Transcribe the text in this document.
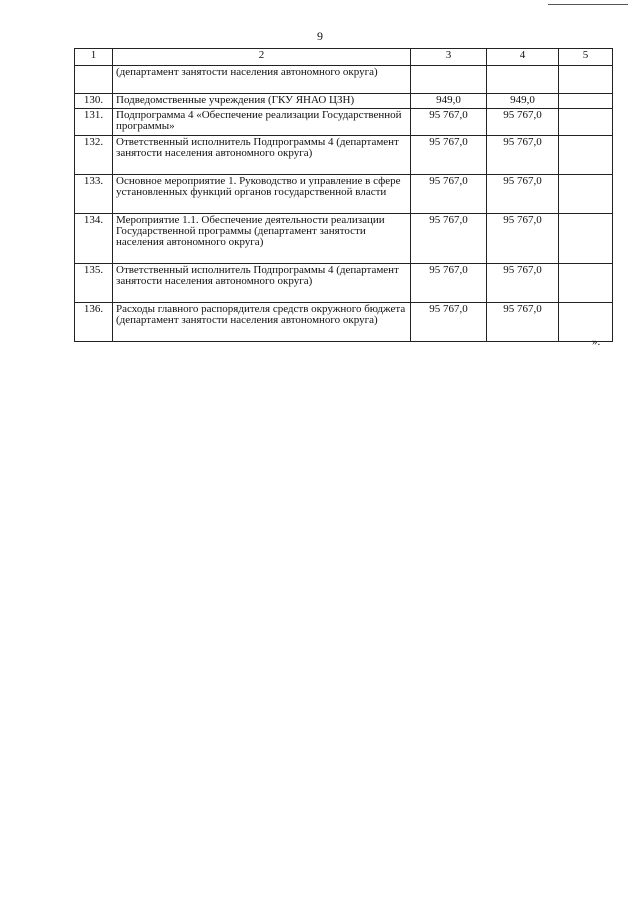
9
1	2	3	4	5
	(департамент занятости населения автономного округа)			
130.	Подведомственные учреждения (ГКУ ЯНАО ЦЗН)	949,0	949,0	
131.	Подпрограмма 4 «Обеспечение реализации Государственной программы»	95 767,0	95 767,0	
132.	Ответственный исполнитель Подпрограммы 4 (департамент занятости населения автономного округа)	95 767,0	95 767,0	
133.	Основное мероприятие 1. Руководство и управление в сфере установленных функций органов государственной власти	95 767,0	95 767,0	
134.	Мероприятие 1.1. Обеспечение деятельности реализации Государственной программы (департамент занятости населения автономного округа)	95 767,0	95 767,0	
135.	Ответственный исполнитель Подпрограммы 4 (департамент занятости населения автономного округа)	95 767,0	95 767,0	
136.	Расходы главного распорядителя средств окружного бюджета (департамент занятости населения автономного округа)	95 767,0	95 767,0	
».
